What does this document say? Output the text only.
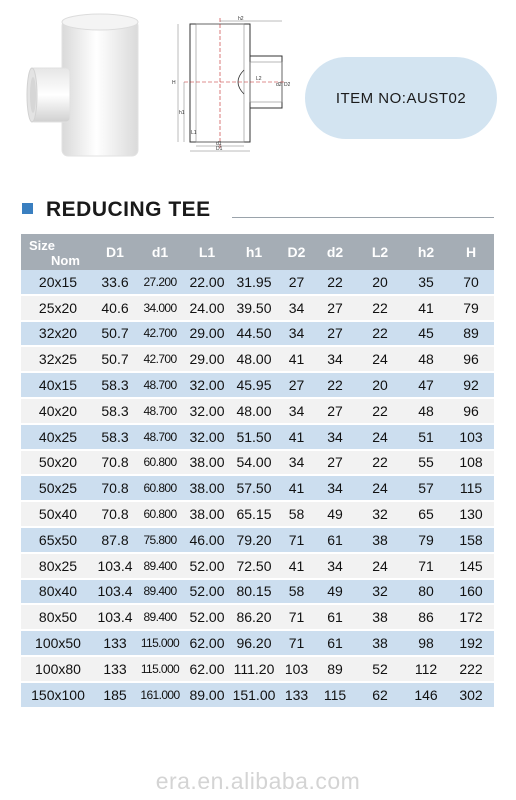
h2
L2
D2
d2
H
h1
L1
d1
D1
ITEM NO:AUST02
REDUCING TEE
Size
Nom	D1	d1	L1	h1	D2	d2	L2	h2	H
20x15	33.6	27.200	22.00	31.95	27	22	20	35	70
25x20	40.6	34.000	24.00	39.50	34	27	22	41	79
32x20	50.7	42.700	29.00	44.50	34	27	22	45	89
32x25	50.7	42.700	29.00	48.00	41	34	24	48	96
40x15	58.3	48.700	32.00	45.95	27	22	20	47	92
40x20	58.3	48.700	32.00	48.00	34	27	22	48	96
40x25	58.3	48.700	32.00	51.50	41	34	24	51	103
50x20	70.8	60.800	38.00	54.00	34	27	22	55	108
50x25	70.8	60.800	38.00	57.50	41	34	24	57	115
50x40	70.8	60.800	38.00	65.15	58	49	32	65	130
65x50	87.8	75.800	46.00	79.20	71	61	38	79	158
80x25	103.4	89.400	52.00	72.50	41	34	24	71	145
80x40	103.4	89.400	52.00	80.15	58	49	32	80	160
80x50	103.4	89.400	52.00	86.20	71	61	38	86	172
100x50	133	115.000	62.00	96.20	71	61	38	98	192
100x80	133	115.000	62.00	111.20	103	89	52	112	222
150x100	185	161.000	89.00	151.00	133	115	62	146	302
era.en.alibaba.com
